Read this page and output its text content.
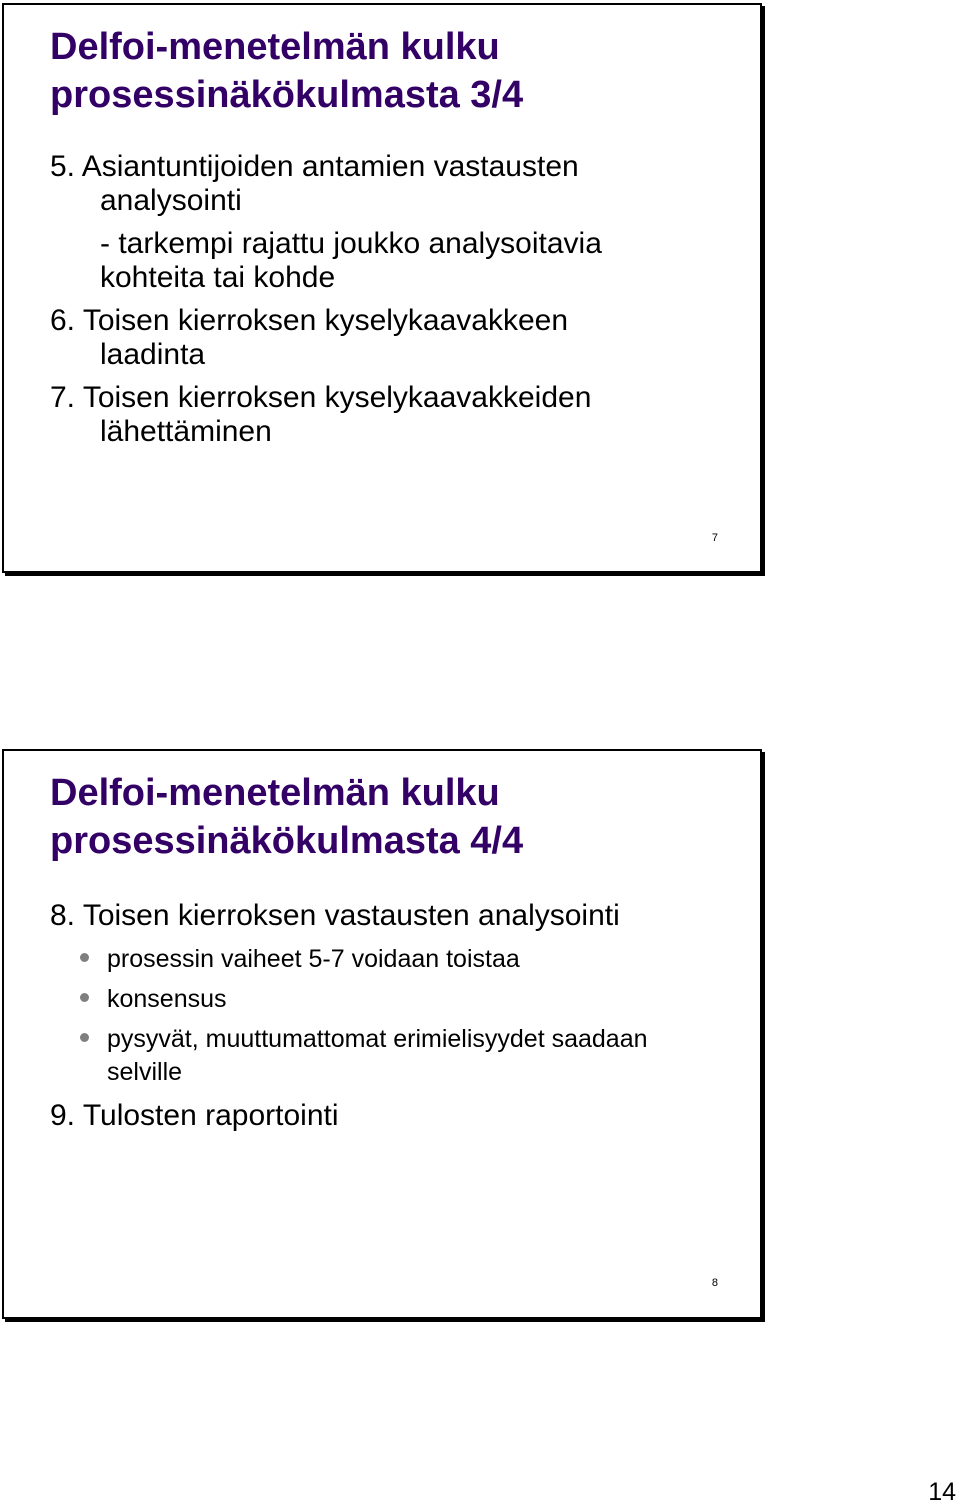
Delfoi-menetelmän kulku
prosessinäkökulmasta 3/4

5. Asiantuntijoiden antamien vastausten

analysointi

- tarkempi rajattu joukko analysoitavia

kohteita tai kohde

6. Toisen kierroksen kyselykaavakkeen

laadinta

7. Toisen kierroksen kyselykaavakkeiden

lähettäminen

7
Delfoi-menetelmän kulku
prosessinäkökulmasta 4/4

8. Toisen kierroksen vastausten analysointi

prosessin vaiheet 5-7 voidaan toistaa

konsensus

pysyvät, muuttumattomat erimielisyydet saadaan

selville

9. Tulosten raportointi

8
14
